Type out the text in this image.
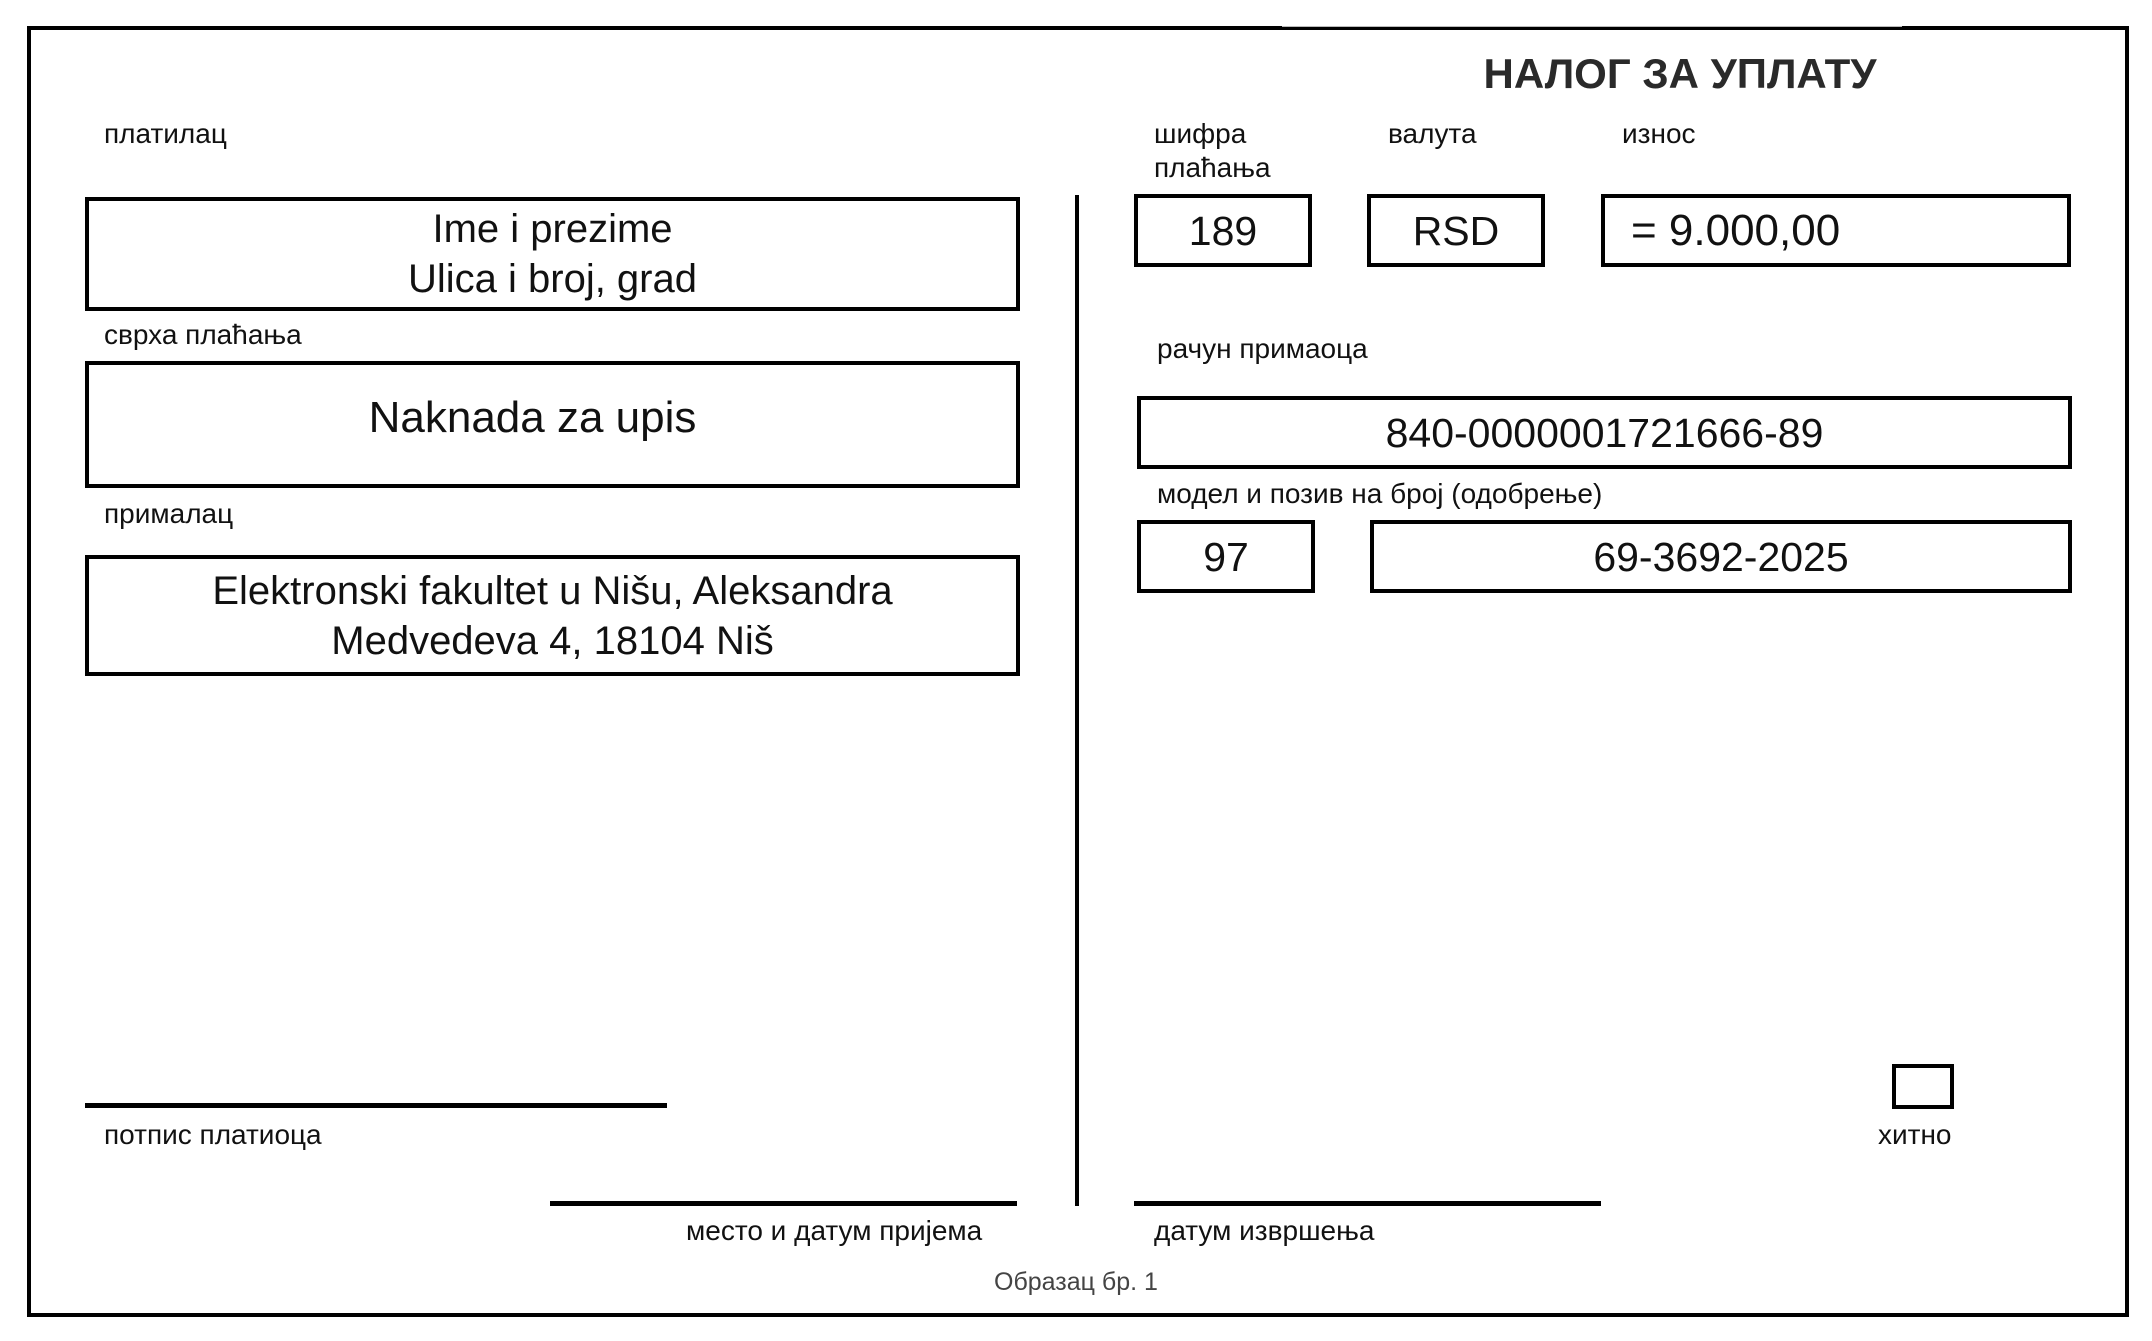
НАЛОГ ЗА УПЛАТУ
платилац
Ime i prezime
Ulica i broj, grad
сврха плаћања
Naknada za upis
прималац
Elektronski fakultet u Nišu, Aleksandra
Medvedeva 4, 18104 Niš
потпис платиоца
место и датум пријема
шифра
плаћања
валута	износ
189	RSD	= 9.000,00
рачун примаоца
840-0000001721666-89
модел и позив на број (одобрење)
97	69-3692-2025
хитно
датум извршења
Образац бр. 1
